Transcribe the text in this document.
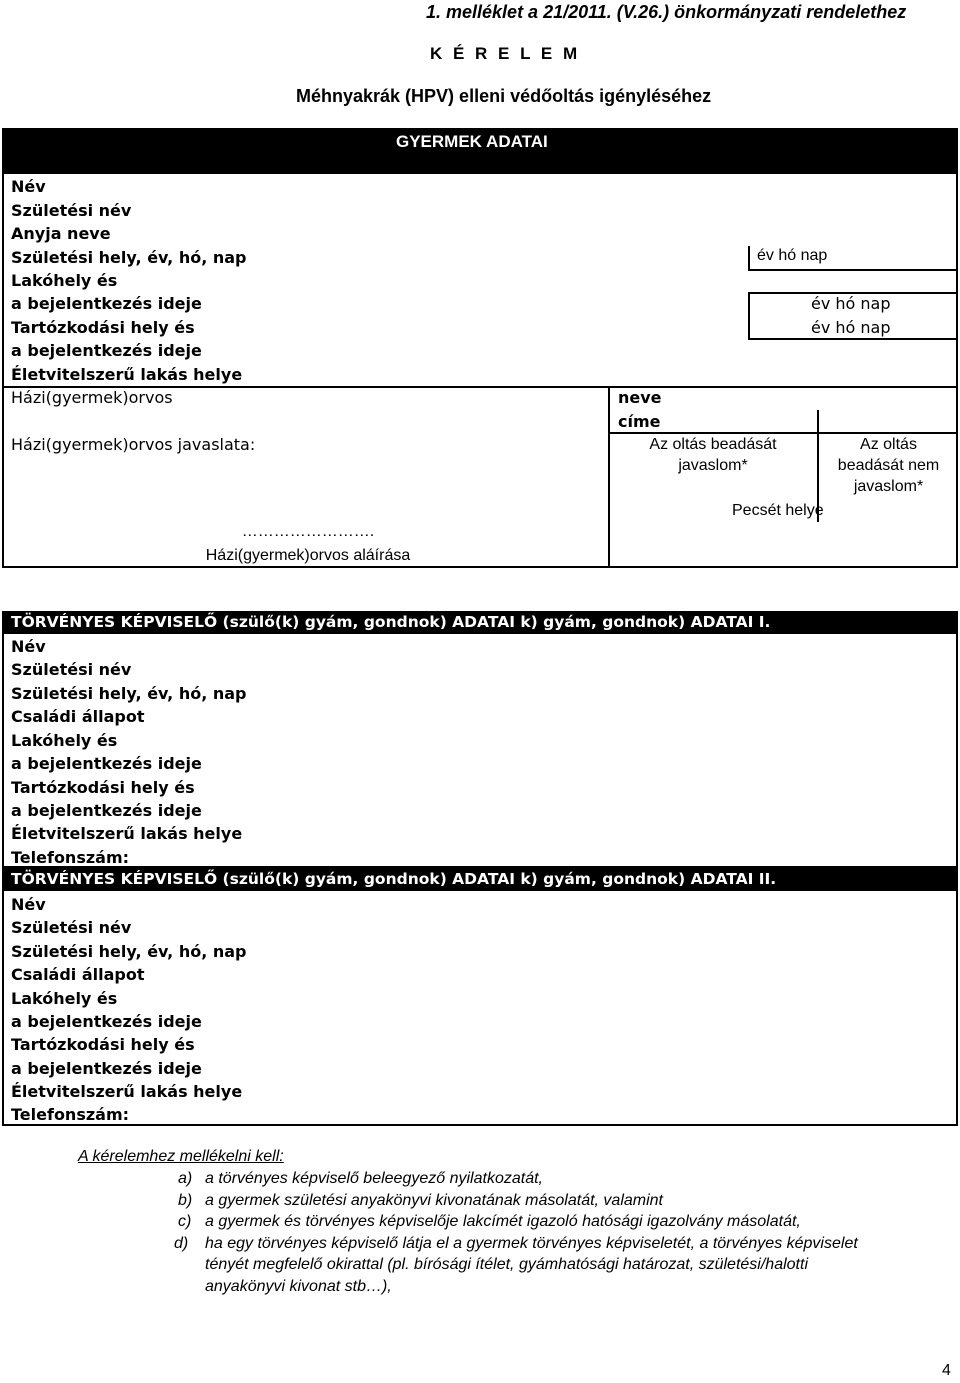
1. melléklet a 21/2011. (V.26.) önkormányzati rendelethez
K É R E L E M
Méhnyakrák (HPV) elleni védőoltás igényléséhez
GYERMEK ADATAI
Név
Születési név
Anyja neve
Születési hely, év, hó, nap
Lakóhely és
a bejelentkezés ideje
Tartózkodási hely és
a bejelentkezés ideje
Életvitelszerű lakás helye
év hó nap
év hó nap
év hó nap
Házi(gyermek)orvos	neve
címe
Házi(gyermek)orvos javaslata:	Az oltás beadását
javaslom*
Az oltás
beadását nem
javaslom*
Pecsét helye
…………………….
Házi(gyermek)orvos aláírása
TÖRVÉNYES KÉPVISELŐ (szülő(k) gyám, gondnok) ADATAI k) gyám, gondnok) ADATAI I.
Név
Születési név
Születési hely, év, hó, nap
Családi állapot
Lakóhely és
a bejelentkezés ideje
Tartózkodási hely és
a bejelentkezés ideje
Életvitelszerű lakás helye
Telefonszám:
TÖRVÉNYES KÉPVISELŐ (szülő(k) gyám, gondnok) ADATAI k) gyám, gondnok) ADATAI II.
Név
Születési név
Születési hely, év, hó, nap
Családi állapot
Lakóhely és
a bejelentkezés ideje
Tartózkodási hely és
a bejelentkezés ideje
Életvitelszerű lakás helye
Telefonszám:
A kérelemhez mellékelni kell:
a) a törvényes képviselő beleegyező nyilatkozatát,
b) a gyermek születési anyakönyvi kivonatának másolatát, valamint
c) a gyermek és törvényes képviselője lakcímét igazoló hatósági igazolvány másolatát,
d) ha egy törvényes képviselő látja el a gyermek törvényes képviseletét, a törvényes képviselet
tényét megfelelő okirattal (pl. bírósági ítélet, gyámhatósági határozat, születési/halotti
anyakönyvi kivonat stb…),
4
